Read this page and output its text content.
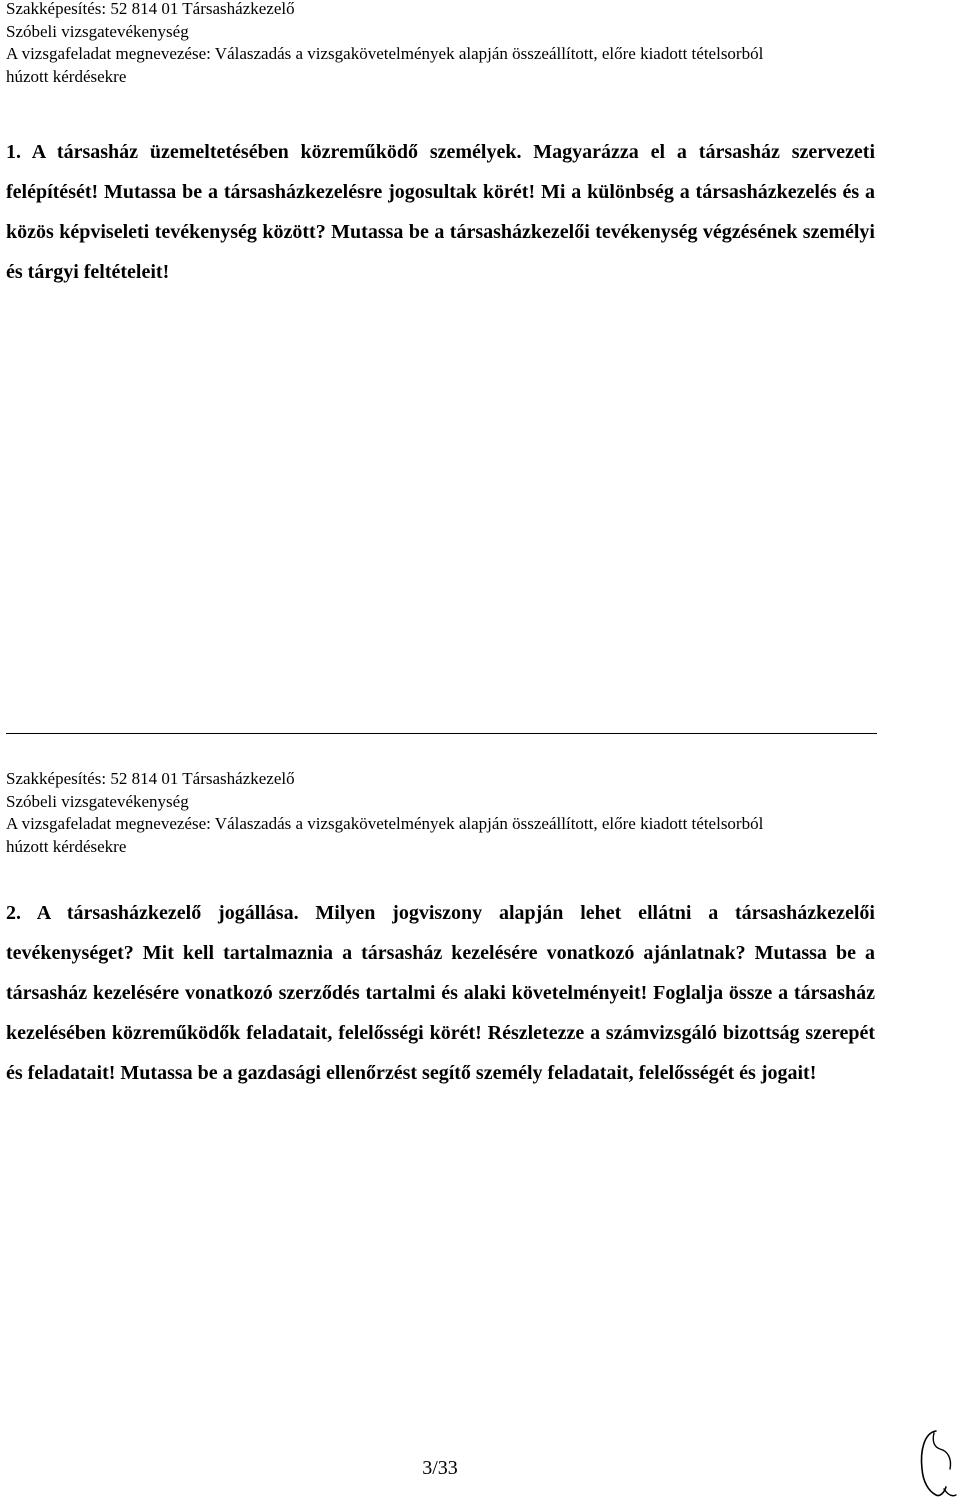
Szakképesítés: 52 814 01 Társasházkezelő
Szóbeli vizsgatevékenység
A vizsgafeladat megnevezése: Válaszadás a vizsgakövetelmények alapján összeállított, előre kiadott tételsorból
húzott kérdésekre
1. A társasház üzemeltetésében közreműködő személyek. Magyarázza el a társasház szervezeti felépítését! Mutassa be a társasházkezelésre jogosultak körét! Mi a különbség a társasházkezelés és a közös képviseleti tevékenység között? Mutassa be a társasházkezelői tevékenység végzésének személyi és tárgyi feltételeit!
Szakképesítés: 52 814 01 Társasházkezelő
Szóbeli vizsgatevékenység
A vizsgafeladat megnevezése: Válaszadás a vizsgakövetelmények alapján összeállított, előre kiadott tételsorból
húzott kérdésekre
2. A társasházkezelő jogállása. Milyen jogviszony alapján lehet ellátni a társasházkezelői tevékenységet? Mit kell tartalmaznia a társasház kezelésére vonatkozó ajánlatnak? Mutassa be a társasház kezelésére vonatkozó szerződés tartalmi és alaki követelményeit! Foglalja össze a társasház kezelésében közreműködők feladatait, felelősségi körét! Részletezze a számvizsgáló bizottság szerepét és feladatait! Mutassa be a gazdasági ellenőrzést segítő személy feladatait, felelősségét és jogait!
3/33
